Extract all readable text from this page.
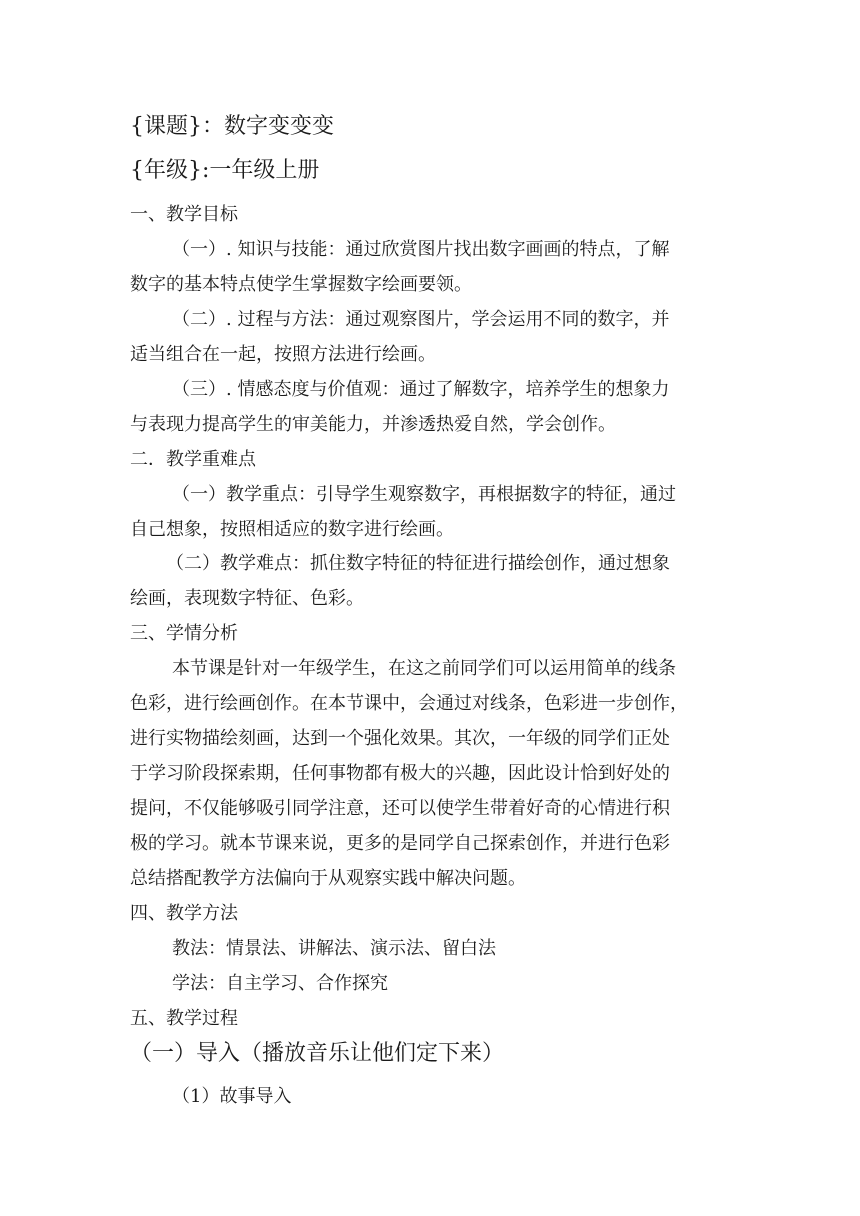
{课题}：数字变变变
{年级}:一年级上册
一、教学目标
（一）. 知识与技能：通过欣赏图片找出数字画画的特点，了解
数字的基本特点使学生掌握数字绘画要领。
（二）. 过程与方法：通过观察图片，学会运用不同的数字，并
适当组合在一起，按照方法进行绘画。
（三）. 情感态度与价值观：通过了解数字，培养学生的想象力
与表现力提高学生的审美能力，并渗透热爱自然，学会创作。
二．教学重难点
（一）教学重点：引导学生观察数字，再根据数字的特征，通过
自己想象，按照相适应的数字进行绘画。
（二）教学难点：抓住数字特征的特征进行描绘创作，通过想象
绘画，表现数字特征、色彩。
三、学情分析
本节课是针对一年级学生，在这之前同学们可以运用简单的线条
色彩，进行绘画创作。在本节课中，会通过对线条，色彩进一步创作，
进行实物描绘刻画，达到一个强化效果。其次，一年级的同学们正处
于学习阶段探索期，任何事物都有极大的兴趣，因此设计恰到好处的
提问，不仅能够吸引同学注意，还可以使学生带着好奇的心情进行积
极的学习。就本节课来说，更多的是同学自己探索创作，并进行色彩
总结搭配教学方法偏向于从观察实践中解决问题。
四、教学方法
教法：情景法、讲解法、演示法、留白法
学法：自主学习、合作探究
五、教学过程
（一）导入（播放音乐让他们定下来）
（1）故事导入
